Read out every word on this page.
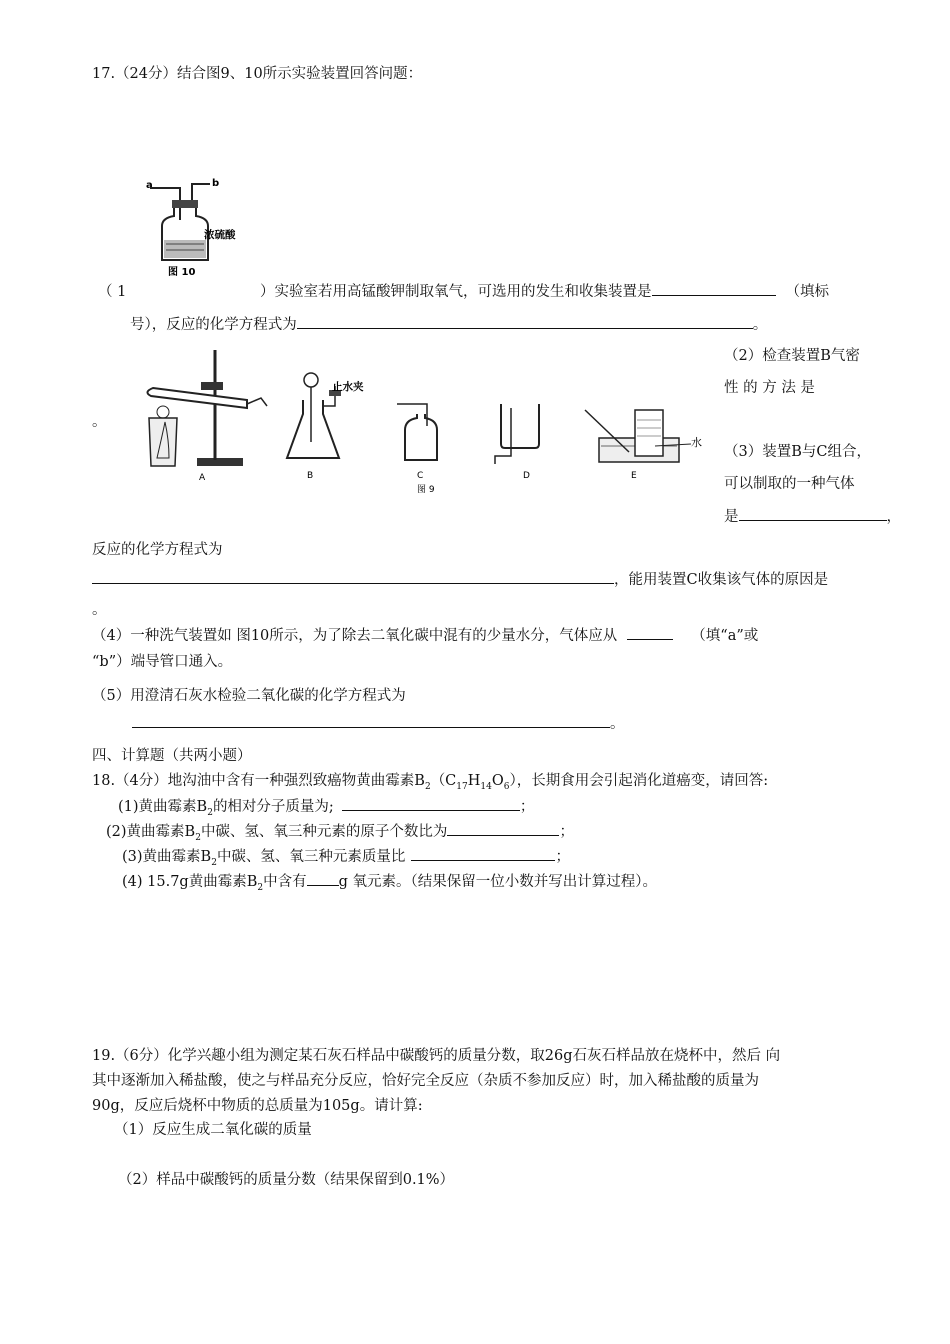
17.（24分）结合图9、10所示实验装置回答问题：
a	b
浓硫酸
图 10
（ 1	）实验室若用高锰酸钾制取氧气，可选用的发生和收集装置是	（填标
号），反应的化学方程式为	。
A
止水夹
B	C	D
水
E
图 9
。
（2）检查装置B气密
性 的 方 法 是
（3）装置B与C组合，
可以制取的一种气体
是	，
反应的化学方程式为
，能用装置C收集该气体的原因是
。
（4）一种洗气装置如 图10所示，为了除去二氧化碳中混有的少量水分，气体应从	（填“a”或
“b”）端导管口通入。
（5）用澄清石灰水检验二氧化碳的化学方程式为
。
四、计算题（共两小题）
18.（4分）地沟油中含有一种强烈致癌物黄曲霉素$B_2(C_{17}H_{14}O_6)$，长期食用会引起消化道癌变，请回答:
(1)黄曲霉素$B_2$的相对分子质量为;	；
(2)黄曲霉素$B_2$中碳、氢、氧三种元素的原子个数比为	；
(3)黄曲霉素$B_2$中碳、氢、氧三种元素质量比	；
(4) 15.7g黄曲霉素$B_2$中含有 g 氧元素。（结果保留一位小数并写出计算过程）。
19.（6分）化学兴趣小组为测定某石灰石样品中碳酸钙的质量分数，取26g石灰石样品放在烧杯中，然后 向
其中逐渐加入稀盐酸，使之与样品充分反应，恰好完全反应（杂质不参加反应）时，加入稀盐酸的质量为
90g，反应后烧杯中物质的总质量为105g。请计算:
（1）反应生成二氧化碳的质量
（2）样品中碳酸钙的质量分数（结果保留到0.1%）
